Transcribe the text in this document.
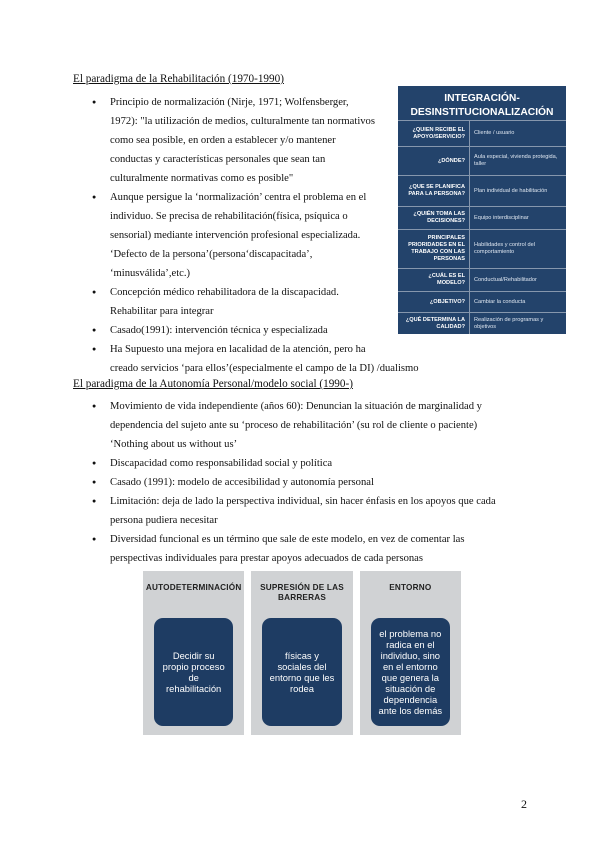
El paradigma de la Rehabilitación (1970-1990)
● Principio de normalización (Nirje, 1971; Wolfensberger,
1972): "la utilización de medios, culturalmente tan normativos
como sea posible, en orden a establecer y/o mantener
conductas y características personales que sean tan
culturalmente normativas como es posible"
● Aunque persigue la ‘normalización’ centra el problema en el
individuo. Se precisa de rehabilitación(física, psíquica o
sensorial) mediante intervención profesional especializada.
‘Defecto de la persona’(persona‘discapacitada’,
‘minusválida’,etc.)
● Concepción médico rehabilitadora de la discapacidad.
Rehabilitar para integrar
● Casado(1991): intervención técnica y especializada
● Ha Supuesto una mejora en lacalidad de la atención, pero ha
creado servicios ‘para ellos’(especialmente el campo de la DI) /dualismo
El paradigma de la Autonomía Personal/modelo social (1990-)
● Movimiento de vida independiente (años 60): Denuncian la situación de marginalidad y
dependencia del sujeto ante su ‘proceso de rehabilitación’ (su rol de cliente o paciente)
‘Nothing about us without us’
● Discapacidad como responsabilidad social y política
● Casado (1991): modelo de accesibilidad y autonomía personal
● Limitación: deja de lado la perspectiva individual, sin hacer énfasis en los apoyos que cada
persona pudiera necesitar
● Diversidad funcional es un término que sale de este modelo, en vez de comentar las
perspectivas individuales para prestar apoyos adecuados de cada personas
INTEGRACIÓN-
DESINSTITUCIONALIZACIÓN
¿QUIEN RECIBE EL APOYO/SERVICIO?
Cliente / usuario
¿DÓNDE?
Aula especial, vivienda protegida, taller
¿QUE SE PLANIFICA PARA LA PERSONA?
Plan individual de habilitación
¿QUIÉN TOMA LAS DECISIONES?
Equipo interdisciplinar
PRINCIPALES PRIORIDADES EN EL TRABAJO CON LAS PERSONAS
Habilidades y control del comportamiento
¿CUÁL ES EL MODELO?
Conductual/Rehabilitador
¿OBJETIVO?	Cambiar la conducta
¿QUÉ DETERMINA LA CALIDAD?
Realización de programas y objetivos
AUTODETERMINACIÓN
Decidir su
propio proceso
de
rehabilitación
SUPRESIÓN DE LAS
BARRERAS
físicas y
sociales del
entorno que les
rodea
ENTORNO
el problema no
radica en el
individuo, sino
en el entorno
que genera la
situación de
dependencia
ante los demás
2
